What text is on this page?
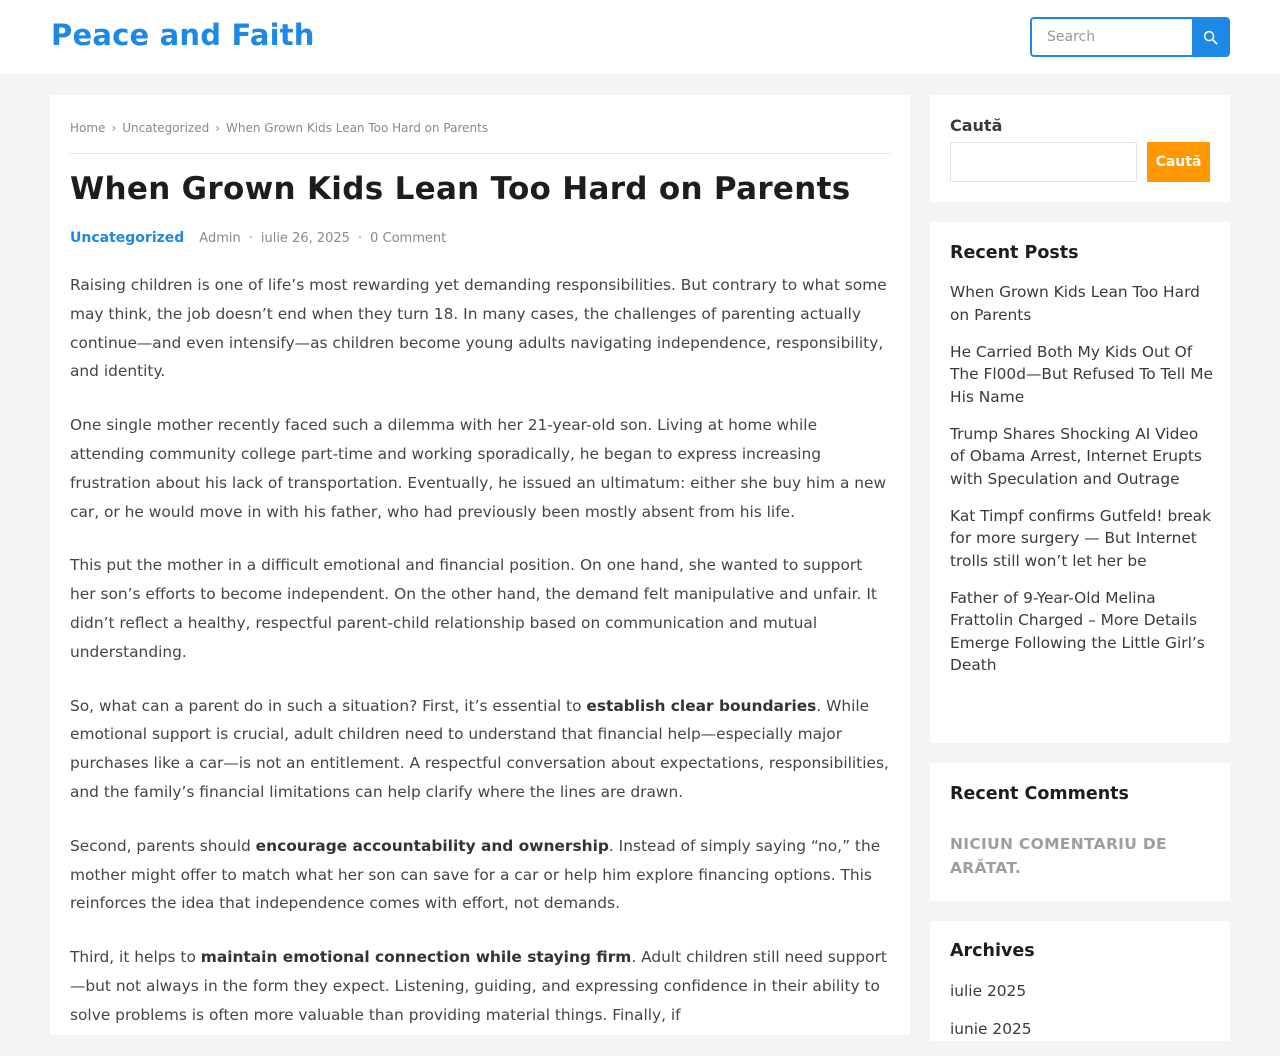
Peace and Faith
Search
Home › Uncategorized › When Grown Kids Lean Too Hard on Parents
When Grown Kids Lean Too Hard on Parents
Uncategorized Admin · iulie 26, 2025 · 0 Comment

Raising children is one of life’s most rewarding yet demanding responsibilities. But contrary to what some may think, the job doesn’t end when they turn 18. In many cases, the challenges of parenting actually continue—and even intensify—as children become young adults navigating independence, responsibility, and identity.

One single mother recently faced such a dilemma with her 21-year-old son. Living at home while attending community college part-time and working sporadically, he began to express increasing frustration about his lack of transportation. Eventually, he issued an ultimatum: either she buy him a new car, or he would move in with his father, who had previously been mostly absent from his life.

This put the mother in a difficult emotional and financial position. On one hand, she wanted to support her son’s efforts to become independent. On the other hand, the demand felt manipulative and unfair. It didn’t reflect a healthy, respectful parent-child relationship based on communication and mutual understanding.

So, what can a parent do in such a situation? First, it’s essential to establish clear boundaries. While emotional support is crucial, adult children need to understand that financial help—especially major purchases like a car—is not an entitlement. A respectful conversation about expectations, responsibilities, and the family’s financial limitations can help clarify where the lines are drawn.

Second, parents should encourage accountability and ownership. Instead of simply saying “no,” the mother might offer to match what her son can save for a car or help him explore financing options. This reinforces the idea that independence comes with effort, not demands.

Third, it helps to maintain emotional connection while staying firm. Adult children still need support—but not always in the form they expect. Listening, guiding, and expressing confidence in their ability to solve problems is often more valuable than providing material things. Finally, if

Caută
Caută
Recent Posts
When Grown Kids Lean Too Hard on Parents
He Carried Both My Kids Out Of The Fl00d—But Refused To Tell Me His Name
Trump Shares Shocking AI Video of Obama Arrest, Internet Erupts with Speculation and Outrage
Kat Timpf confirms Gutfeld! break for more surgery — But Internet trolls still won’t let her be
Father of 9-Year-Old Melina Frattolin Charged – More Details Emerge Following the Little Girl’s Death
Recent Comments
NICIUN COMENTARIU DE ARĂTAT.
Archives
iulie 2025
iunie 2025
